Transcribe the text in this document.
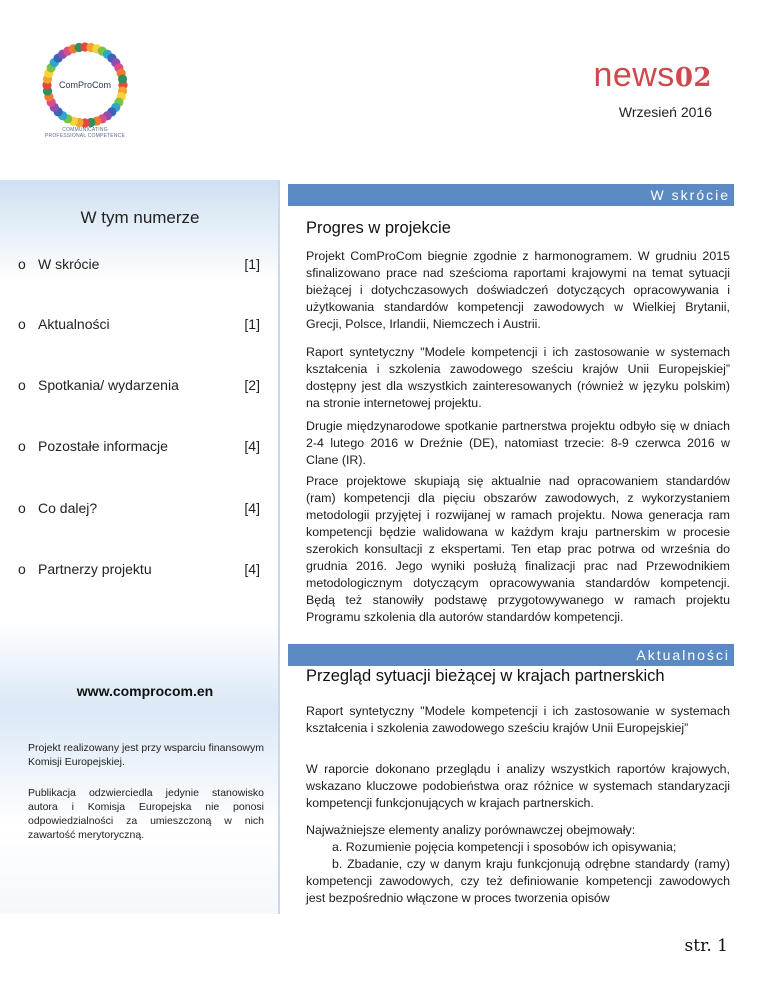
ComProCom
COMMUNICATING
PROFESSIONAL COMPETENCE
news02
Wrzesień 2016
W tym numerze
o W skrócie	[1]
o Aktualności	[1]
o Spotkania/ wydarzenia	[2]
o Pozostałe informacje	[4]
o Co dalej?	[4]
o Partnerzy projektu	[4]
www.comprocom.en
Projekt realizowany jest przy wsparciu finansowym Komisji Europejskiej.
Publikacja odzwierciedla jedynie stanowisko autora i Komisja Europejska nie ponosi odpowiedzialności za umieszczoną w nich zawartość merytoryczną.
W skrócie
Progres w projekcie
Projekt ComProCom biegnie zgodnie z harmonogramem. W grudniu 2015 sfinalizowano prace nad sześcioma raportami krajowymi na temat sytuacji bieżącej i dotychczasowych doświadczeń dotyczących opracowywania i użytkowania standardów kompetencji zawodowych w Wielkiej Brytanii, Grecji, Polsce, Irlandii, Niemczech i Austrii.
Raport syntetyczny "Modele kompetencji i ich zastosowanie w systemach kształcenia i szkolenia zawodowego sześciu krajów Unii Europejskiej” dostępny jest dla wszystkich zainteresowanych (również w języku polskim) na stronie internetowej projektu.
Drugie międzynarodowe spotkanie partnerstwa projektu odbyło się w dniach 2-4 lutego 2016 w Dreźnie (DE), natomiast trzecie: 8-9 czerwca 2016 w Clane (IR).
Prace projektowe skupiają się aktualnie nad opracowaniem standardów (ram) kompetencji dla pięciu obszarów zawodowych, z wykorzystaniem metodologii przyjętej i rozwijanej w ramach projektu. Nowa generacja ram kompetencji będzie walidowana w każdym kraju partnerskim w procesie szerokich konsultacji z ekspertami. Ten etap prac potrwa od września do grudnia 2016. Jego wyniki posłużą finalizacji prac nad Przewodnikiem metodologicznym dotyczącym opracowywania standardów kompetencji. Będą też stanowiły podstawę przygotowywanego w ramach projektu Programu szkolenia dla autorów standardów kompetencji.
Aktualności
Przegląd sytuacji bieżącej w krajach partnerskich
Raport syntetyczny "Modele kompetencji i ich zastosowanie w systemach kształcenia i szkolenia zawodowego sześciu krajów Unii Europejskiej”
W raporcie dokonano przeglądu i analizy wszystkich raportów krajowych, wskazano kluczowe podobieństwa oraz różnice w systemach standaryzacji kompetencji funkcjonujących w krajach partnerskich.
Najważniejsze elementy analizy porównawczej obejmowały:
a. Rozumienie pojęcia kompetencji i sposobów ich opisywania;
b. Zbadanie, czy w danym kraju funkcjonują odrębne standardy (ramy) kompetencji zawodowych, czy też definiowanie kompetencji zawodowych jest bezpośrednio włączone w proces tworzenia opisów
str. 1
